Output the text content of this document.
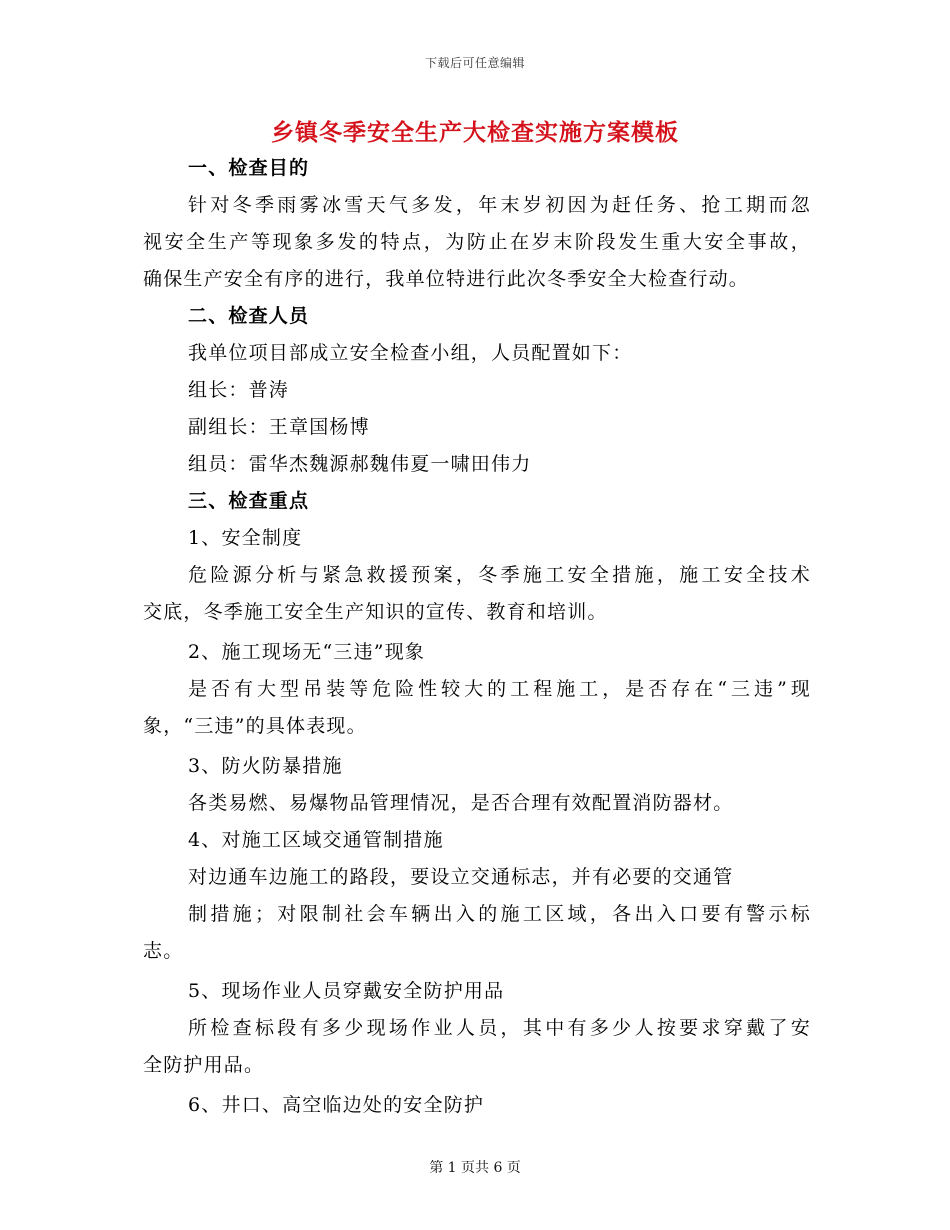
下载后可任意编辑
乡镇冬季安全生产大检查实施方案模板
一、检查目的
针对冬季雨雾冰雪天气多发，年末岁初因为赶任务、抢工期而忽
视安全生产等现象多发的特点，为防止在岁末阶段发生重大安全事故，
确保生产安全有序的进行，我单位特进行此次冬季安全大检查行动。
二、检查人员
我单位项目部成立安全检查小组，人员配置如下：
组长：普涛
副组长：王章国杨博
组员：雷华杰魏源郝魏伟夏一啸田伟力
三、检查重点
1、安全制度
危险源分析与紧急救援预案，冬季施工安全措施，施工安全技术
交底，冬季施工安全生产知识的宣传、教育和培训。
2、施工现场无“三违”现象
是否有大型吊装等危险性较大的工程施工，是否存在“三违”现
象，“三违”的具体表现。
3、防火防暴措施
各类易燃、易爆物品管理情况，是否合理有效配置消防器材。
4、对施工区域交通管制措施
对边通车边施工的路段，要设立交通标志，并有必要的交通管
制措施；对限制社会车辆出入的施工区域，各出入口要有警示标
志。
5、现场作业人员穿戴安全防护用品
所检查标段有多少现场作业人员，其中有多少人按要求穿戴了安
全防护用品。
6、井口、高空临边处的安全防护
第 1 页共 6 页
